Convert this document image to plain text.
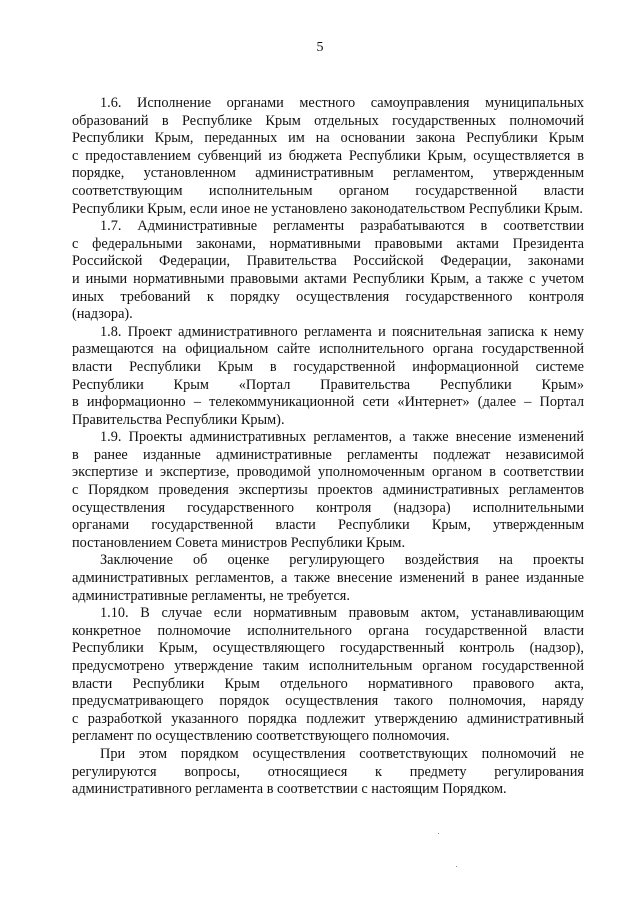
5
1.6. Исполнение органами местного самоуправления муниципальных
образований в Республике Крым отдельных государственных полномочий
Республики Крым, переданных им на основании закона Республики Крым
с предоставлением субвенций из бюджета Республики Крым, осуществляется в
порядке, установленном административным регламентом, утвержденным
соответствующим исполнительным органом государственной власти
Республики Крым, если иное не установлено законодательством Республики Крым.
1.7. Административные регламенты разрабатываются в соответствии
с федеральными законами, нормативными правовыми актами Президента
Российской Федерации, Правительства Российской Федерации, законами
и иными нормативными правовыми актами Республики Крым, а также с учетом
иных требований к порядку осуществления государственного контроля
(надзора).
1.8. Проект административного регламента и пояснительная записка к нему
размещаются на официальном сайте исполнительного органа государственной
власти Республики Крым в государственной информационной системе
Республики Крым «Портал Правительства Республики Крым»
в информационно – телекоммуникационной сети «Интернет» (далее – Портал
Правительства Республики Крым).
1.9. Проекты административных регламентов, а также внесение изменений
в ранее изданные административные регламенты подлежат независимой
экспертизе и экспертизе, проводимой уполномоченным органом в соответствии
с Порядком проведения экспертизы проектов административных регламентов
осуществления государственного контроля (надзора) исполнительными
органами государственной власти Республики Крым, утвержденным
постановлением Совета министров Республики Крым.
Заключение об оценке регулирующего воздействия на проекты
административных регламентов, а также внесение изменений в ранее изданные
административные регламенты, не требуется.
1.10. В случае если нормативным правовым актом, устанавливающим
конкретное полномочие исполнительного органа государственной власти
Республики Крым, осуществляющего государственный контроль (надзор),
предусмотрено утверждение таким исполнительным органом государственной
власти Республики Крым отдельного нормативного правового акта,
предусматривающего порядок осуществления такого полномочия, наряду
с разработкой указанного порядка подлежит утверждению административный
регламент по осуществлению соответствующего полномочия.
При этом порядком осуществления соответствующих полномочий не
регулируются вопросы, относящиеся к предмету регулирования
административного регламента в соответствии с настоящим Порядком.
